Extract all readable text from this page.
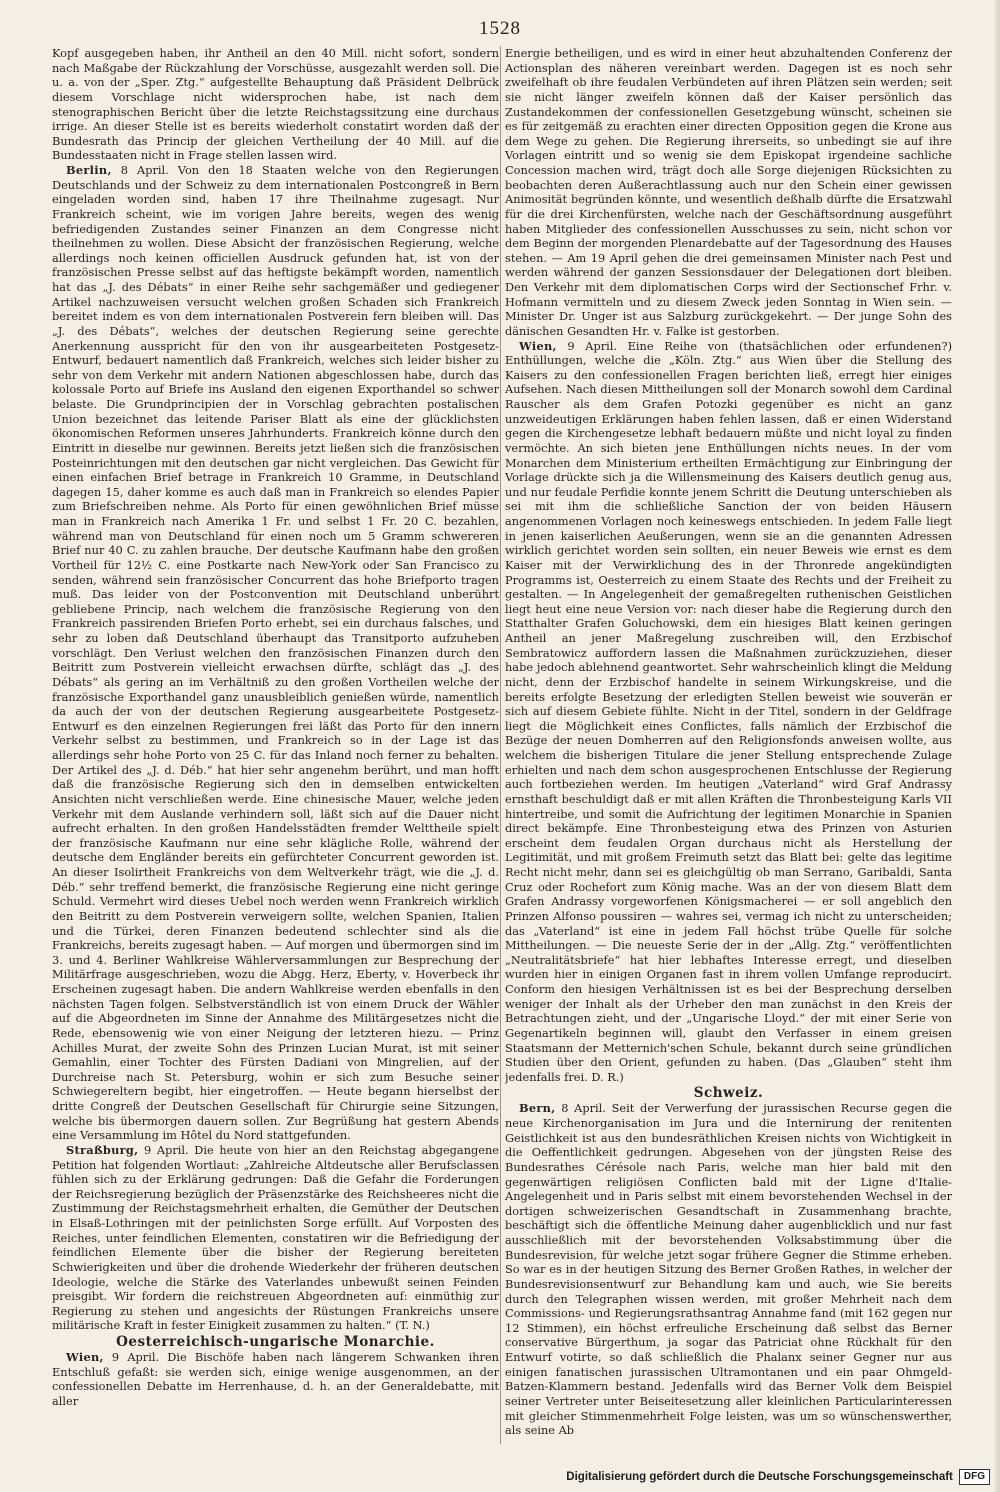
1528

Kopf ausgegeben haben, ihr Antheil an den 40 Mill. nicht sofort, sondern nach Maßgabe der Rückzahlung der Vorschüsse, ausgezahlt werden soll. Die u. a. von der „Sper. Ztg.“ aufgestellte Behauptung daß Präsident Delbrück diesem Vorschlage nicht widersprochen habe, ist nach dem stenographischen Bericht über die letzte Reichstagssitzung eine durchaus irrige. An dieser Stelle ist es bereits wiederholt constatirt worden daß der Bundesrath das Princip der gleichen Vertheilung der 40 Mill. auf die Bundesstaaten nicht in Frage stellen lassen wird.

Berlin, 8 April. Von den 18 Staaten welche von den Regierungen Deutschlands und der Schweiz zu dem internationalen Postcongreß in Bern eingeladen worden sind, haben 17 ihre Theilnahme zugesagt. Nur Frankreich scheint, wie im vorigen Jahre bereits, wegen des wenig befriedigenden Zustandes seiner Finanzen an dem Congresse nicht theilnehmen zu wollen. Diese Absicht der französischen Regierung, welche allerdings noch keinen officiellen Ausdruck gefunden hat, ist von der französischen Presse selbst auf das heftigste bekämpft worden, namentlich hat das „J. des Débats“ in einer Reihe sehr sachgemäßer und gediegener Artikel nachzuweisen versucht welchen großen Schaden sich Frankreich bereitet indem es von dem internationalen Postverein fern bleiben will. Das „J. des Débats“, welches der deutschen Regierung seine gerechte Anerkennung ausspricht für den von ihr ausgearbeiteten Postgesetz-Entwurf, bedauert namentlich daß Frankreich, welches sich leider bisher zu sehr von dem Verkehr mit andern Nationen abgeschlossen habe, durch das kolossale Porto auf Briefe ins Ausland den eigenen Exporthandel so schwer belaste. Die Grundprincipien der in Vorschlag gebrachten postalischen Union bezeichnet das leitende Pariser Blatt als eine der glücklichsten ökonomischen Reformen unseres Jahrhunderts. Frankreich könne durch den Eintritt in dieselbe nur gewinnen. Bereits jetzt ließen sich die französischen Posteinrichtungen mit den deutschen gar nicht vergleichen. Das Gewicht für einen einfachen Brief betrage in Frankreich 10 Gramme, in Deutschland dagegen 15, daher komme es auch daß man in Frankreich so elendes Papier zum Briefschreiben nehme. Als Porto für einen gewöhnlichen Brief müsse man in Frankreich nach Amerika 1 Fr. und selbst 1 Fr. 20 C. bezahlen, während man von Deutschland für einen noch um 5 Gramm schwereren Brief nur 40 C. zu zahlen brauche. Der deutsche Kaufmann habe den großen Vortheil für 12½ C. eine Postkarte nach New-York oder San Francisco zu senden, während sein französischer Concurrent das hohe Briefporto tragen muß. Das leider von der Postconvention mit Deutschland unberührt gebliebene Princip, nach welchem die französische Regierung von den Frankreich passirenden Briefen Porto erhebt, sei ein durchaus falsches, und sehr zu loben daß Deutschland überhaupt das Transitporto aufzuheben vorschlägt. Den Verlust welchen den französischen Finanzen durch den Beitritt zum Postverein vielleicht erwachsen dürfte, schlägt das „J. des Débats“ als gering an im Verhältniß zu den großen Vortheilen welche der französische Exporthandel ganz unausbleiblich genießen würde, namentlich da auch der von der deutschen Regierung ausgearbeitete Postgesetz-Entwurf es den einzelnen Regierungen frei läßt das Porto für den innern Verkehr selbst zu bestimmen, und Frankreich so in der Lage ist das allerdings sehr hohe Porto von 25 C. für das Inland noch ferner zu behalten. Der Artikel des „J. d. Déb.“ hat hier sehr angenehm berührt, und man hofft daß die französische Regierung sich den in demselben entwickelten Ansichten nicht verschließen werde. Eine chinesische Mauer, welche jeden Verkehr mit dem Auslande verhindern soll, läßt sich auf die Dauer nicht aufrecht erhalten. In den großen Handelsstädten fremder Welttheile spielt der französische Kaufmann nur eine sehr klägliche Rolle, während der deutsche dem Engländer bereits ein gefürchteter Concurrent geworden ist. An dieser Isolirtheit Frankreichs von dem Weltverkehr trägt, wie die „J. d. Déb.“ sehr treffend bemerkt, die französische Regierung eine nicht geringe Schuld. Vermehrt wird dieses Uebel noch werden wenn Frankreich wirklich den Beitritt zu dem Postverein verweigern sollte, welchen Spanien, Italien und die Türkei, deren Finanzen bedeutend schlechter sind als die Frankreichs, bereits zugesagt haben. — Auf morgen und übermorgen sind im 3. und 4. Berliner Wahlkreise Wählerversammlungen zur Besprechung der Militärfrage ausgeschrieben, wozu die Abgg. Herz, Eberty, v. Hoverbeck ihr Erscheinen zugesagt haben. Die andern Wahlkreise werden ebenfalls in den nächsten Tagen folgen. Selbstverständlich ist von einem Druck der Wähler auf die Abgeordneten im Sinne der Annahme des Militärgesetzes nicht die Rede, ebensowenig wie von einer Neigung der letzteren hiezu. — Prinz Achilles Murat, der zweite Sohn des Prinzen Lucian Murat, ist mit seiner Gemahlin, einer Tochter des Fürsten Dadiani von Mingrelien, auf der Durchreise nach St. Petersburg, wohin er sich zum Besuche seiner Schwiegereltern begibt, hier eingetroffen. — Heute begann hierselbst der dritte Congreß der Deutschen Gesellschaft für Chirurgie seine Sitzungen, welche bis übermorgen dauern sollen. Zur Begrüßung hat gestern Abends eine Versammlung im Hôtel du Nord stattgefunden.

Straßburg, 9 April. Die heute von hier an den Reichstag abgegangene Petition hat folgenden Wortlaut: „Zahlreiche Altdeutsche aller Berufsclassen fühlen sich zu der Erklärung gedrungen: Daß die Gefahr die Forderungen der Reichsregierung bezüglich der Präsenzstärke des Reichsheeres nicht die Zustimmung der Reichstagsmehrheit erhalten, die Gemüther der Deutschen in Elsaß-Lothringen mit der peinlichsten Sorge erfüllt. Auf Vorposten des Reiches, unter feindlichen Elementen, constatiren wir die Befriedigung der feindlichen Elemente über die bisher der Regierung bereiteten Schwierigkeiten und über die drohende Wiederkehr der früheren deutschen Ideologie, welche die Stärke des Vaterlandes unbewußt seinen Feinden preisgibt. Wir fordern die reichstreuen Abgeordneten auf: einmüthig zur Regierung zu stehen und angesichts der Rüstungen Frankreichs unsere militärische Kraft in fester Einigkeit zusammen zu halten.“ (T. N.)

Oesterreichisch-ungarische Monarchie.

Wien, 9 April. Die Bischöfe haben nach längerem Schwanken ihren Entschluß gefaßt: sie werden sich, einige wenige ausgenommen, an der confessionellen Debatte im Herrenhause, d. h. an der Generaldebatte, mit aller

Energie betheiligen, und es wird in einer heut abzuhaltenden Conferenz der Actionsplan des näheren vereinbart werden. Dagegen ist es noch sehr zweifelhaft ob ihre feudalen Verbündeten auf ihren Plätzen sein werden; seit sie nicht länger zweifeln können daß der Kaiser persönlich das Zustandekommen der confessionellen Gesetzgebung wünscht, scheinen sie es für zeitgemäß zu erachten einer directen Opposition gegen die Krone aus dem Wege zu gehen. Die Regierung ihrerseits, so unbedingt sie auf ihre Vorlagen eintritt und so wenig sie dem Episkopat irgendeine sachliche Concession machen wird, trägt doch alle Sorge diejenigen Rücksichten zu beobachten deren Außerachtlassung auch nur den Schein einer gewissen Animosität begründen könnte, und wesentlich deßhalb dürfte die Ersatzwahl für die drei Kirchenfürsten, welche nach der Geschäftsordnung ausgeführt haben Mitglieder des confessionellen Ausschusses zu sein, nicht schon vor dem Beginn der morgenden Plenardebatte auf der Tagesordnung des Hauses stehen. — Am 19 April gehen die drei gemeinsamen Minister nach Pest und werden während der ganzen Sessionsdauer der Delegationen dort bleiben. Den Verkehr mit dem diplomatischen Corps wird der Sectionschef Frhr. v. Hofmann vermitteln und zu diesem Zweck jeden Sonntag in Wien sein. — Minister Dr. Unger ist aus Salzburg zurückgekehrt. — Der junge Sohn des dänischen Gesandten Hr. v. Falke ist gestorben.

Wien, 9 April. Eine Reihe von (thatsächlichen oder erfundenen?) Enthüllungen, welche die „Köln. Ztg.“ aus Wien über die Stellung des Kaisers zu den confessionellen Fragen berichten ließ, erregt hier einiges Aufsehen. Nach diesen Mittheilungen soll der Monarch sowohl dem Cardinal Rauscher als dem Grafen Potozki gegenüber es nicht an ganz unzweideutigen Erklärungen haben fehlen lassen, daß er einen Widerstand gegen die Kirchengesetze lebhaft bedauern müßte und nicht loyal zu finden vermöchte. An sich bieten jene Enthüllungen nichts neues. In der vom Monarchen dem Ministerium ertheilten Ermächtigung zur Einbringung der Vorlage drückte sich ja die Willensmeinung des Kaisers deutlich genug aus, und nur feudale Perfidie konnte jenem Schritt die Deutung unterschieben als sei mit ihm die schließliche Sanction der von beiden Häusern angenommenen Vorlagen noch keineswegs entschieden. In jedem Falle liegt in jenen kaiserlichen Aeußerungen, wenn sie an die genannten Adressen wirklich gerichtet worden sein sollten, ein neuer Beweis wie ernst es dem Kaiser mit der Verwirklichung des in der Thronrede angekündigten Programms ist, Oesterreich zu einem Staate des Rechts und der Freiheit zu gestalten. — In Angelegenheit der gemaßregelten ruthenischen Geistlichen liegt heut eine neue Version vor: nach dieser habe die Regierung durch den Statthalter Grafen Goluchowski, dem ein hiesiges Blatt keinen geringen Antheil an jener Maßregelung zuschreiben will, den Erzbischof Sembratowicz auffordern lassen die Maßnahmen zurückzuziehen, dieser habe jedoch ablehnend geantwortet. Sehr wahrscheinlich klingt die Meldung nicht, denn der Erzbischof handelte in seinem Wirkungskreise, und die bereits erfolgte Besetzung der erledigten Stellen beweist wie souverän er sich auf diesem Gebiete fühlte. Nicht in der Titel, sondern in der Geldfrage liegt die Möglichkeit eines Conflictes, falls nämlich der Erzbischof die Bezüge der neuen Domherren auf den Religionsfonds anweisen wollte, aus welchem die bisherigen Titulare die jener Stellung entsprechende Zulage erhielten und nach dem schon ausgesprochenen Entschlusse der Regierung auch fortbeziehen werden. Im heutigen „Vaterland“ wird Graf Andrassy ernsthaft beschuldigt daß er mit allen Kräften die Thronbesteigung Karls VII hintertreibe, und somit die Aufrichtung der legitimen Monarchie in Spanien direct bekämpfe. Eine Thronbesteigung etwa des Prinzen von Asturien erscheint dem feudalen Organ durchaus nicht als Herstellung der Legitimität, und mit großem Freimuth setzt das Blatt bei: gelte das legitime Recht nicht mehr, dann sei es gleichgültig ob man Serrano, Garibaldi, Santa Cruz oder Rochefort zum König mache. Was an der von diesem Blatt dem Grafen Andrassy vorgeworfenen Königsmacherei — er soll angeblich den Prinzen Alfonso poussiren — wahres sei, vermag ich nicht zu unterscheiden; das „Vaterland“ ist eine in jedem Fall höchst trübe Quelle für solche Mittheilungen. — Die neueste Serie der in der „Allg. Ztg.“ veröffentlichten „Neutralitätsbriefe“ hat hier lebhaftes Interesse erregt, und dieselben wurden hier in einigen Organen fast in ihrem vollen Umfange reproducirt. Conform den hiesigen Verhältnissen ist es bei der Besprechung derselben weniger der Inhalt als der Urheber den man zunächst in den Kreis der Betrachtungen zieht, und der „Ungarische Lloyd.“ der mit einer Serie von Gegenartikeln beginnen will, glaubt den Verfasser in einem greisen Staatsmann der Metternich'schen Schule, bekannt durch seine gründlichen Studien über den Orient, gefunden zu haben. (Das „Glauben“ steht ihm jedenfalls frei. D. R.)

Schweiz.

Bern, 8 April. Seit der Verwerfung der jurassischen Recurse gegen die neue Kirchenorganisation im Jura und die Internirung der renitenten Geistlichkeit ist aus den bundesräthlichen Kreisen nichts von Wichtigkeit in die Oeffentlichkeit gedrungen. Abgesehen von der jüngsten Reise des Bundesrathes Cérésole nach Paris, welche man hier bald mit den gegenwärtigen religiösen Conflicten bald mit der Ligne d'Italie-Angelegenheit und in Paris selbst mit einem bevorstehenden Wechsel in der dortigen schweizerischen Gesandtschaft in Zusammenhang brachte, beschäftigt sich die öffentliche Meinung daher augenblicklich und nur fast ausschließlich mit der bevorstehenden Volksabstimmung über die Bundesrevision, für welche jetzt sogar frühere Gegner die Stimme erheben. So war es in der heutigen Sitzung des Berner Großen Rathes, in welcher der Bundesrevisionsentwurf zur Behandlung kam und auch, wie Sie bereits durch den Telegraphen wissen werden, mit großer Mehrheit nach dem Commissions- und Regierungsrathsantrag Annahme fand (mit 162 gegen nur 12 Stimmen), ein höchst erfreuliche Erscheinung daß selbst das Berner conservative Bürgerthum, ja sogar das Patriciat ohne Rückhalt für den Entwurf votirte, so daß schließlich die Phalanx seiner Gegner nur aus einigen fanatischen jurassischen Ultramontanen und ein paar Ohmgeld-Batzen-Klammern bestand. Jedenfalls wird das Berner Volk dem Beispiel seiner Vertreter unter Beiseitesetzung aller kleinlichen Particularinteressen mit gleicher Stimmenmehrheit Folge leisten, was um so wünschenswerther, als seine Ab

Digitalisierung gefördert durch die Deutsche Forschungsgemeinschaft	DFG
